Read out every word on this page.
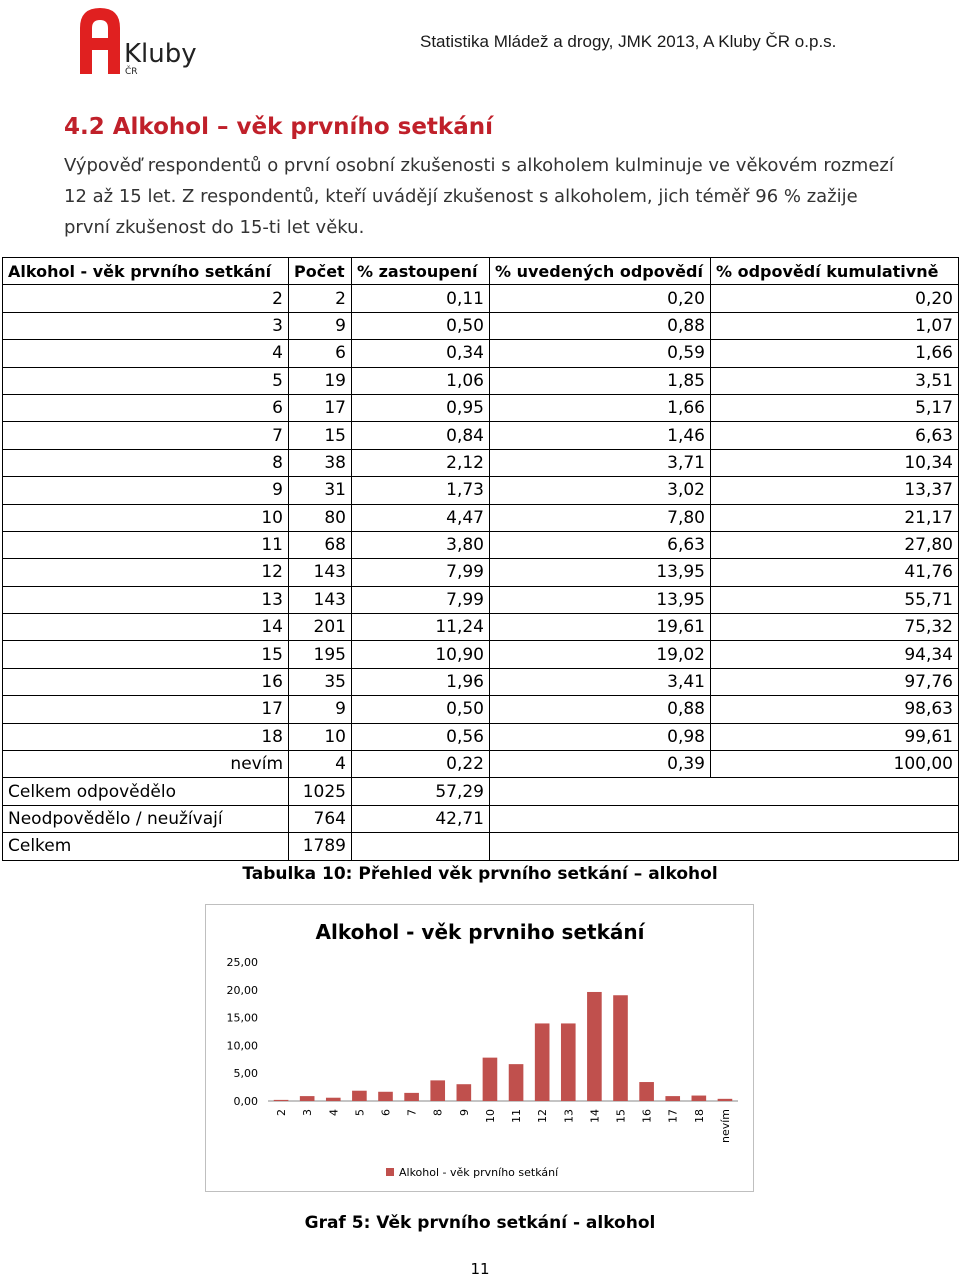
Kluby
ČR
Statistika Mládež a drogy, JMK 2013, A Kluby ČR o.p.s.
4.2 Alkohol – věk prvního setkání
Výpověď respondentů o první osobní zkušenosti s alkoholem kulminuje ve věkovém rozmezí 12 až 15 let. Z respondentů, kteří uvádějí zkušenost s alkoholem, jich téměř 96 % zažije první zkušenost do 15-ti let věku.
Alkohol - věk prvního setkání	Počet	% zastoupení	% uvedených odpovědí	% odpovědí kumulativně
2	2	0,11	0,20	0,20
3	9	0,50	0,88	1,07
4	6	0,34	0,59	1,66
5	19	1,06	1,85	3,51
6	17	0,95	1,66	5,17
7	15	0,84	1,46	6,63
8	38	2,12	3,71	10,34
9	31	1,73	3,02	13,37
10	80	4,47	7,80	21,17
11	68	3,80	6,63	27,80
12	143	7,99	13,95	41,76
13	143	7,99	13,95	55,71
14	201	11,24	19,61	75,32
15	195	10,90	19,02	94,34
16	35	1,96	3,41	97,76
17	9	0,50	0,88	98,63
18	10	0,56	0,98	99,61
nevím	4	0,22	0,39	100,00
Celkem odpovědělo	1025	57,29		
Neodpovědělo / neužívají	764	42,71		
Celkem	1789			
Tabulka 10: Přehled věk prvního setkání – alkohol
Alkohol - věk prvniho setkání
0,00
5,00
10,00
15,00
20,00
25,00
2 3 4 5 6 7 8 9 10 11 12 13 14 15 16 17 18 nevím
Alkohol - věk prvního setkání
Graf 5: Věk prvního setkání - alkohol
11
